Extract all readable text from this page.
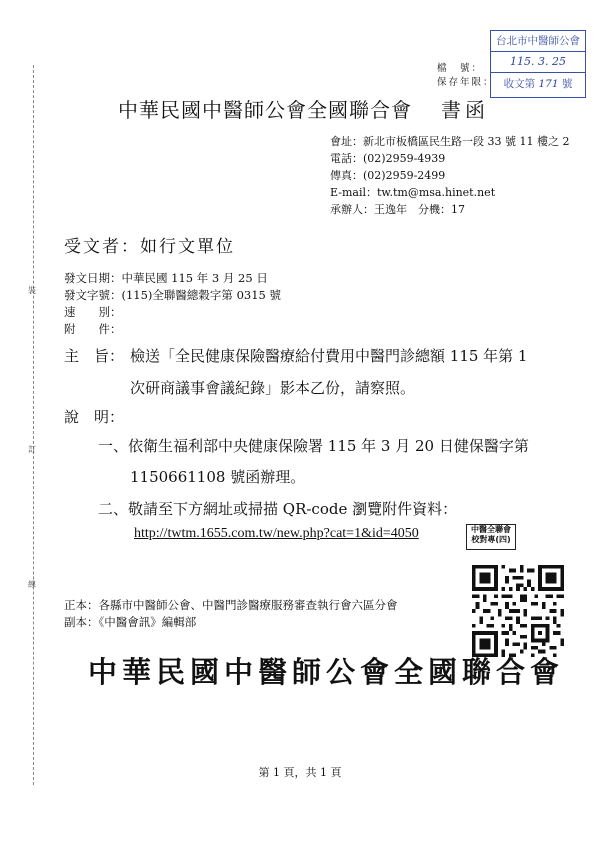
裝
訂
線
檔　號：
保存年限：
台北市中醫師公會
115. 3. 25
收文第 171 號
中華民國中醫師公會全國聯合會 書函
會址：新北市板橋區民生路一段 33 號 11 樓之 2
電話：(02)2959-4939
傳真：(02)2959-2499
E-mail：tw.tm@msa.hinet.net
承辦人：王逸年　分機：17
受文者：如行文單位
發文日期：中華民國 115 年 3 月 25 日
發文字號：(115)全聯醫總穀字第 0315 號
速　　別：
附　　件：
主　旨： 檢送「全民健康保險醫療給付費用中醫門診總額 115 年第 1
次研商議事會議紀錄」影本乙份，請察照。
說　明：
一、依衛生福利部中央健康保險署 115 年 3 月 20 日健保醫字第
1150661108 號函辦理。
二、敬請至下方網址或掃描 QR-code 瀏覽附件資料：
http://twtm.1655.com.tw/new.php?cat=1&id=4050	中醫全聯會 校對專(四)
正本：各縣市中醫師公會、中醫門診醫療服務審查執行會六區分會
副本：《中醫會訊》編輯部
中華民國中醫師公會全國聯合會
第 1 頁，共 1 頁
